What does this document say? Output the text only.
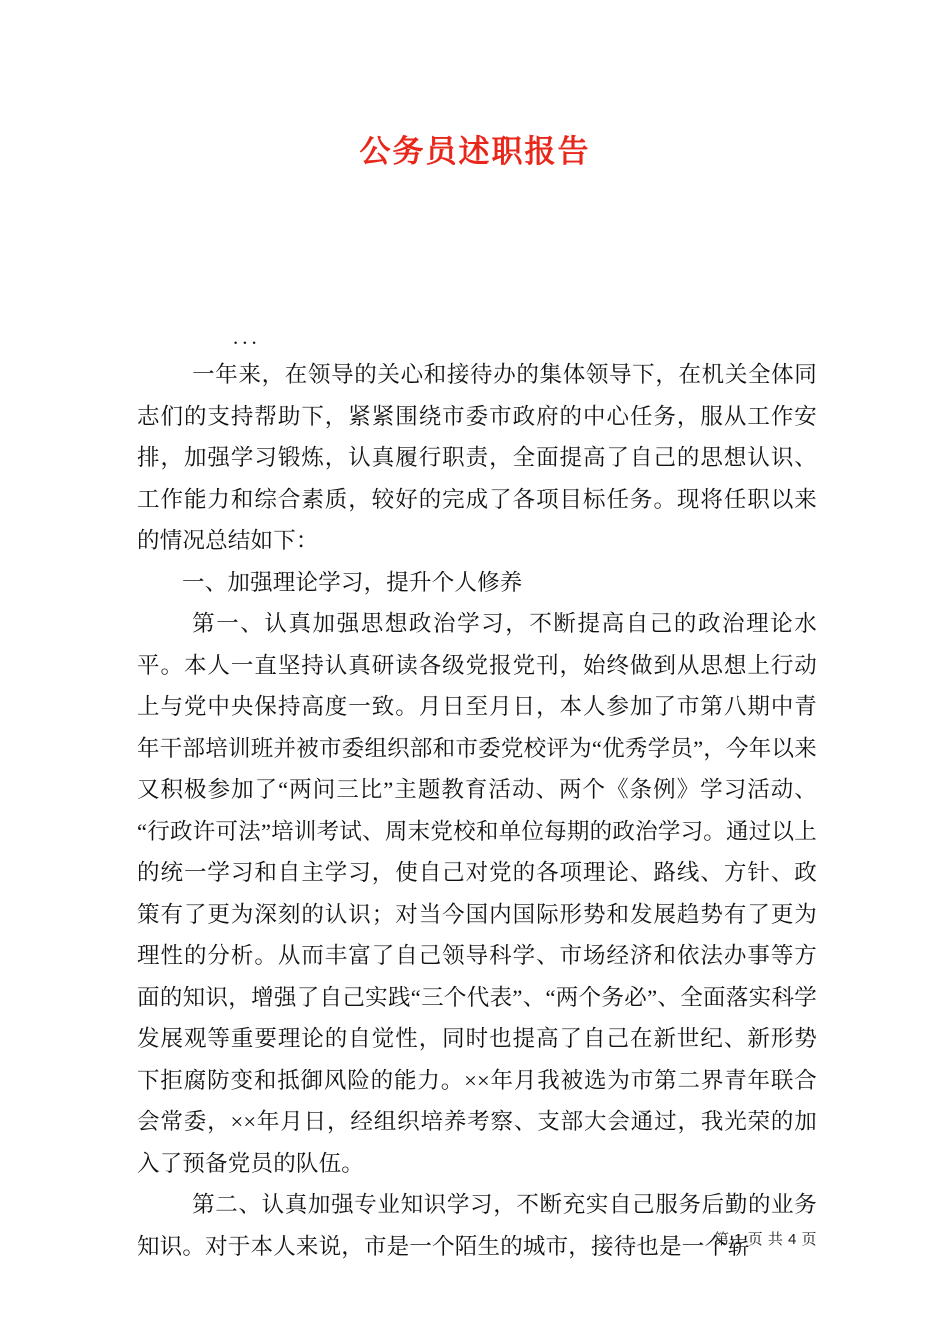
公务员述职报告
...

一年来，在领导的关心和接待办的集体领导下，在机关全体同志们的支持帮助下，紧紧围绕市委市政府的中心任务，服从工作安排，加强学习锻炼，认真履行职责，全面提高了自己的思想认识、工作能力和综合素质，较好的完成了各项目标任务。现将任职以来的情况总结如下：

一、加强理论学习，提升个人修养

第一、认真加强思想政治学习，不断提高自己的政治理论水平。本人一直坚持认真研读各级党报党刊，始终做到从思想上行动上与党中央保持高度一致。月日至月日，本人参加了市第八期中青年干部培训班并被市委组织部和市委党校评为“优秀学员”，今年以来又积极参加了“两问三比”主题教育活动、两个《条例》学习活动、“行政许可法”培训考试、周末党校和单位每期的政治学习。通过以上的统一学习和自主学习，使自己对党的各项理论、路线、方针、政策有了更为深刻的认识；对当今国内国际形势和发展趋势有了更为理性的分析。从而丰富了自己领导科学、市场经济和依法办事等方面的知识，增强了自己实践“三个代表”、“两个务必”、全面落实科学发展观等重要理论的自觉性，同时也提高了自己在新世纪、新形势下拒腐防变和抵御风险的能力。××年月我被选为市第二界青年联合会常委，××年月日，经组织培养考察、支部大会通过，我光荣的加入了预备党员的队伍。

第二、认真加强专业知识学习，不断充实自己服务后勤的业务知识。对于本人来说，市是一个陌生的城市，接待也是一个崭

第 1 页 共 4 页
